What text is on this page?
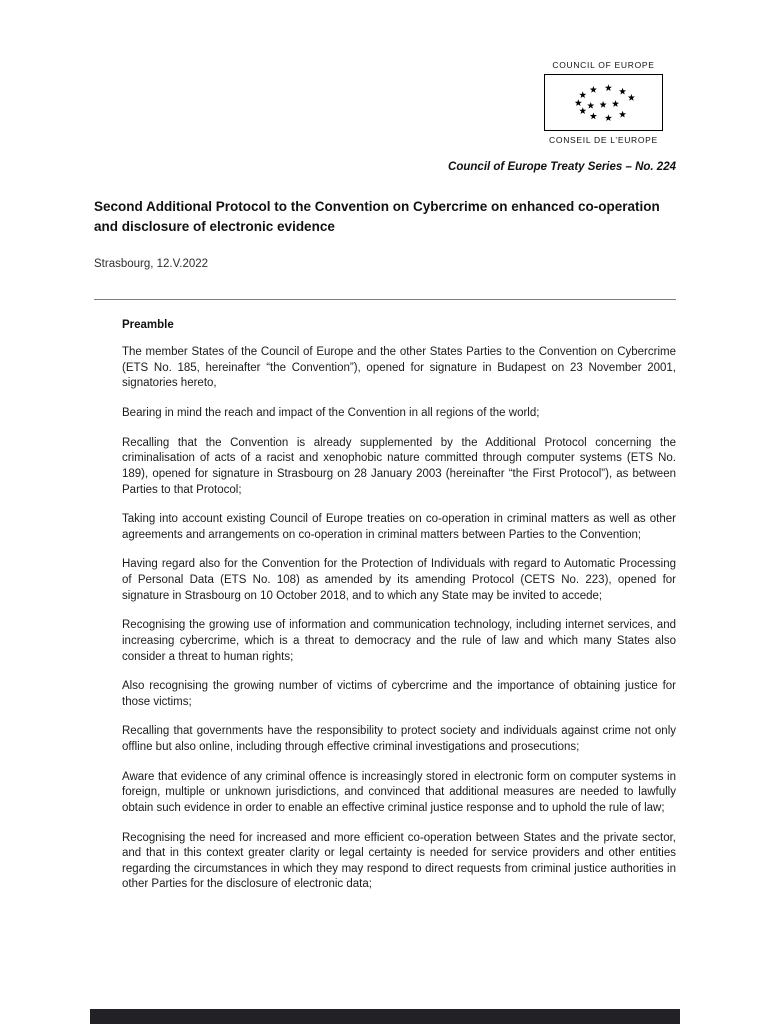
COUNCIL OF EUROPE
CONSEIL DE L’EUROPE
Council of Europe Treaty Series – No. 224
Second Additional Protocol to the Convention on Cybercrime on enhanced co-operation and disclosure of electronic evidence
Strasbourg, 12.V.2022
Preamble

The member States of the Council of Europe and the other States Parties to the Convention on Cybercrime (ETS No. 185, hereinafter “the Convention”), opened for signature in Budapest on 23 November 2001, signatories hereto,

Bearing in mind the reach and impact of the Convention in all regions of the world;

Recalling that the Convention is already supplemented by the Additional Protocol concerning the criminalisation of acts of a racist and xenophobic nature committed through computer systems (ETS No. 189), opened for signature in Strasbourg on 28 January 2003 (hereinafter “the First Protocol”), as between Parties to that Protocol;

Taking into account existing Council of Europe treaties on co-operation in criminal matters as well as other agreements and arrangements on co-operation in criminal matters between Parties to the Convention;

Having regard also for the Convention for the Protection of Individuals with regard to Automatic Processing of Personal Data (ETS No. 108) as amended by its amending Protocol (CETS No. 223), opened for signature in Strasbourg on 10 October 2018, and to which any State may be invited to accede;

Recognising the growing use of information and communication technology, including internet services, and increasing cybercrime, which is a threat to democracy and the rule of law and which many States also consider a threat to human rights;

Also recognising the growing number of victims of cybercrime and the importance of obtaining justice for those victims;

Recalling that governments have the responsibility to protect society and individuals against crime not only offline but also online, including through effective criminal investigations and prosecutions;

Aware that evidence of any criminal offence is increasingly stored in electronic form on computer systems in foreign, multiple or unknown jurisdictions, and convinced that additional measures are needed to lawfully obtain such evidence in order to enable an effective criminal justice response and to uphold the rule of law;

Recognising the need for increased and more efficient co-operation between States and the private sector, and that in this context greater clarity or legal certainty is needed for service providers and other entities regarding the circumstances in which they may respond to direct requests from criminal justice authorities in other Parties for the disclosure of electronic data;
